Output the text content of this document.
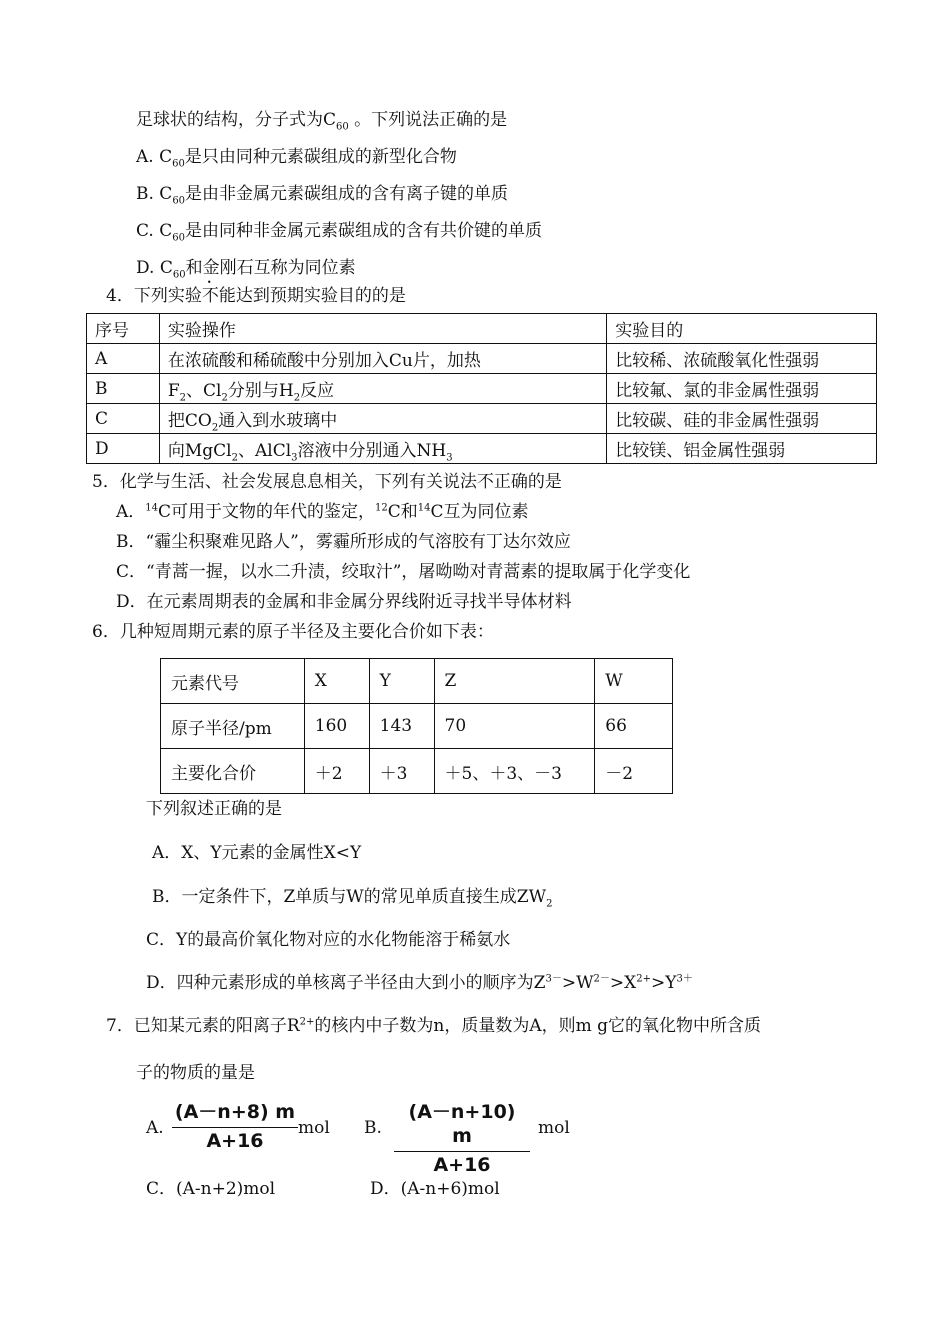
足球状的结构，分子式为$C_{60}$ 。下列说法正确的是
A. $C_{60}$是只由同种元素碳组成的新型化合物
B. $C_{60}$是由非金属元素碳组成的含有离子键的单质
C. $C_{60}$是由同种非金属元素碳组成的含有共价键的单质
D. $C_{60}$和金刚石互称为同位素
4．下列实验不能达到预期实验目的的是
序号	实验操作	实验目的
A	在浓硫酸和稀硫酸中分别加入Cu片，加热	比较稀、浓硫酸氧化性强弱
B	$F_2$、$Cl_2$分别与$H_2$反应	比较氟、氯的非金属性强弱
C	把$CO_2$通入到水玻璃中	比较碳、硅的非金属性强弱
D	向MgCl$_2$、AlCl$_3$溶液中分别通入$NH_3$	比较镁、铝金属性强弱
5．化学与生活、社会发展息息相关，下列有关说法不正确的是
A．$^{14}$C可用于文物的年代的鉴定，$^{12}$C和$^{14}$C互为同位素
B．“霾尘积聚难见路人”，雾霾所形成的气溶胶有丁达尔效应
C．“青蒿一握，以水二升渍，绞取汁”，屠呦呦对青蒿素的提取属于化学变化
D．在元素周期表的金属和非金属分界线附近寻找半导体材料
6．几种短周期元素的原子半径及主要化合价如下表：
元素代号	X	Y	Z	W
原子半径/pm	160	143	70	66
主要化合价	＋2	＋3	＋5、＋3、－3	－2
下列叙述正确的是
A．X、Y元素的金属性X<Y
B．一定条件下，Z单质与W的常见单质直接生成$ZW_2$
C．Y的最高价氧化物对应的水化物能溶于稀氨水
D．四种元素形成的单核离子半径由大到小的顺序为$Z^{3-}>W^{2-}>X^{2+}>Y^{3+}$
7．已知某元素的阳离子$R^{2+}$的核内中子数为n，质量数为A，则m g它的氧化物中所含质
子的物质的量是
A.
(A－n+8) m
A+16
mol B.
(A－n+10) m
A+16
mol
C．(A-n+2)mol	D．(A-n+6)mol
